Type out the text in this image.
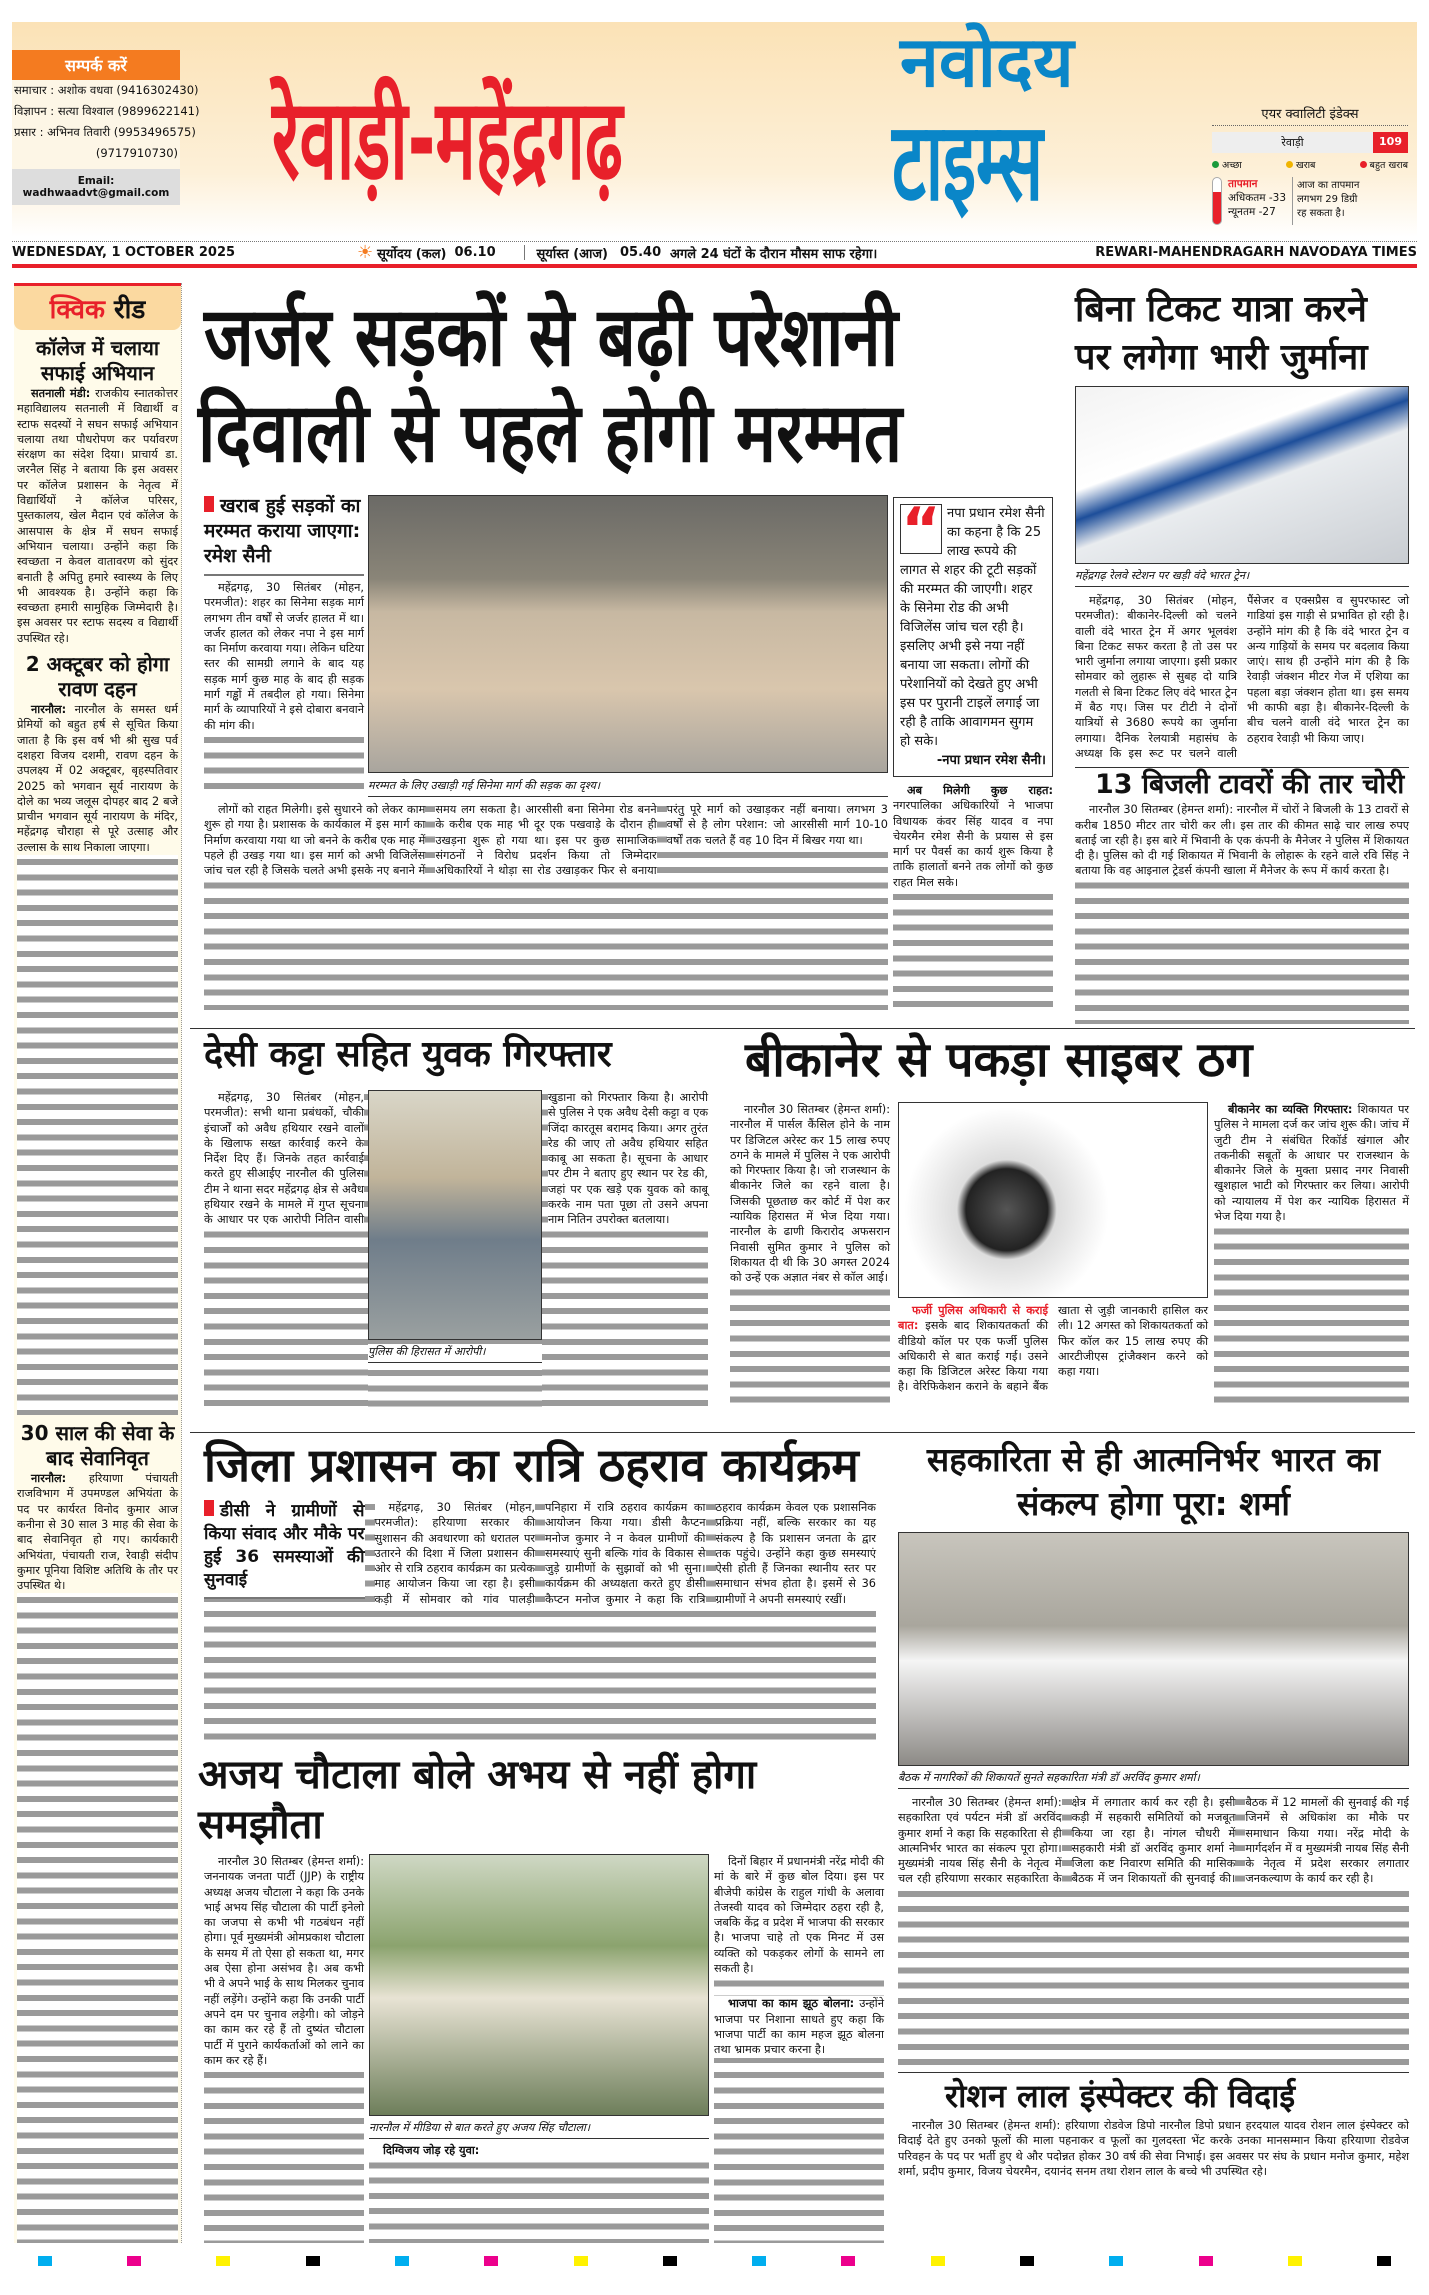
सम्पर्क करें
समाचार : अशोक वधवा (9416302430)
विज्ञापन : सत्या विश्वाल (9899622141)
प्रसार : अभिनव तिवारी (9953496575)
(9717910730)
Email: wadhwaadvt@gmail.com रेवाड़ी-महेंद्रगढ़
नवोदय
टाइम्स	एयर क्वालिटी इंडेक्स
रेवाड़ी	109
अच्छा	खराब	बहुत खराब
तापमान
अधिकतम -33
न्यूनतम -27
आज का तापमान लगभग 29 डिग्री रह सकता है।
WEDNESDAY, 1 OCTOBER 2025	☀ सूर्योदय (कल) 06.10	सूर्यास्त (आज) 05.40 अगले 24 घंटों के दौरान मौसम साफ रहेगा।	REWARI-MAHENDRAGARH NAVODAYA TIMES
क्विक रीड
कॉलेज में चलाया सफाई अभियान

सतनाली मंडी: राजकीय स्नातकोत्तर महाविद्यालय सतनाली में विद्यार्थी व स्टाफ सदस्यों ने सघन सफाई अभियान चलाया तथा पौधरोपण कर पर्यावरण संरक्षण का संदेश दिया। प्राचार्य डा. जरनैल सिंह ने बताया कि इस अवसर पर कॉलेज प्रशासन के नेतृत्व में विद्यार्थियों ने कॉलेज परिसर, पुस्तकालय, खेल मैदान एवं कॉलेज के आसपास के क्षेत्र में सघन सफाई अभियान चलाया। उन्होंने कहा कि स्वच्छता न केवल वातावरण को सुंदर बनाती है अपितु हमारे स्वास्थ्य के लिए भी आवश्यक है। उन्होंने कहा कि स्वच्छता हमारी सामुहिक जिम्मेदारी है। इस अवसर पर स्टाफ सदस्य व विद्यार्थी उपस्थित रहे।

2 अक्टूबर को होगा रावण दहन

नारनौल: नारनौल के समस्त धर्म प्रेमियों को बहुत हर्ष से सूचित किया जाता है कि इस वर्ष भी श्री सुख पर्व दशहरा विजय दशमी, रावण दहन के उपलक्ष्य में 02 अक्टूबर, बृहस्पतिवार 2025 को भगवान सूर्य नारायण के दोले का भव्य जलूस दोपहर बाद 2 बजे प्राचीन भगवान सूर्य नारायण के मंदिर, महेंद्रगढ़ चौराहा से पूरे उत्साह और उल्लास के साथ निकाला जाएगा।

30 साल की सेवा के बाद सेवानिवृत

नारनौल: हरियाणा पंचायती राजविभाग में उपमण्डल अभियंता के पद पर कार्यरत विनोद कुमार आज कनीना से 30 साल 3 माह की सेवा के बाद सेवानिवृत हो गए। कार्यकारी अभियंता, पंचायती राज, रेवाड़ी संदीप कुमार पूनिया विशिष्ट अतिथि के तौर पर उपस्थित थे।

जर्जर सड़कों से बढ़ी परेशानी
दिवाली से पहले होगी मरम्मत
खराब हुई सड़कों का मरम्मत कराया जाएगा: रमेश सैनी

महेंद्रगढ़, 30 सितंबर (मोहन, परमजीत): शहर का सिनेमा सड़क मार्ग लगभग तीन वर्षों से जर्जर हालत में था। जर्जर हालत को लेकर नपा ने इस मार्ग का निर्माण करवाया गया। लेकिन घटिया स्तर की सामग्री लगाने के बाद यह सड़क मार्ग कुछ माह के बाद ही सड़क मार्ग गड्ढों में तबदील हो गया। सिनेमा मार्ग के व्यापारियों ने इसे दोबारा बनवाने की मांग की।

मरम्मत के लिए उखाड़ी गई सिनेमा मार्ग की सड़क का दृश्य।

लोगों को राहत मिलेगी। इसे सुधारने को लेकर काम शुरू हो गया है। प्रशासक के कार्यकाल में इस मार्ग का निर्माण करवाया गया था जो बनने के करीब एक माह में पहले ही उखड़ गया था। इस मार्ग को अभी विजिलेंस जांच चल रही है जिसके चलते अभी इसके नए बनाने में समय लग सकता है। आरसीसी बना सिनेमा रोड बनने के करीब एक माह भी दूर एक पखवाड़े के दौरान ही उखड़ना शुरू हो गया था। इस पर कुछ सामाजिक संगठनों ने विरोध प्रदर्शन किया तो जिम्मेदार अधिकारियों ने थोड़ा सा रोड उखाड़कर फिर से बनाया परंतु पूरे मार्ग को उखाड़कर नहीं बनाया। लगभग 3 वर्षों से है लोग परेशान: जो आरसीसी मार्ग 10-10 वर्षों तक चलते हैं वह 10 दिन में बिखर गया था।

“ नपा प्रधान रमेश सैनी का कहना है कि 25 लाख रूपये की लागत से शहर की टूटी सड़कों की मरम्मत की जाएगी। शहर के सिनेमा रोड की अभी विजिलेंस जांच चल रही है। इसलिए अभी इसे नया नहीं बनाया जा सकता। लोगों की परेशानियों को देखते हुए अभी इस पर पुरानी टाइलें लगाई जा रही है ताकि आवागमन सुगम हो सके।
-नपा प्रधान रमेश सैनी।

अब मिलेगी कुछ राहत: नगरपालिका अधिकारियों ने भाजपा विधायक कंवर सिंह यादव व नपा चेयरमैन रमेश सैनी के प्रयास से इस मार्ग पर पैवर्स का कार्य शुरू किया है ताकि हालातों बनने तक लोगों को कुछ राहत मिल सके।

बिना टिकट यात्रा करने पर लगेगा भारी जुर्माना
महेंद्रगढ़ रेलवे स्टेशन पर खड़ी वंदे भारत ट्रेन।

महेंद्रगढ़, 30 सितंबर (मोहन, परमजीत): बीकानेर-दिल्ली को चलने वाली वंदे भारत ट्रेन में अगर भूलवंश बिना टिकट सफर करता है तो उस पर भारी जुर्माना लगाया जाएगा। इसी प्रकार सोमवार को लुहारू से सुबह दो यात्रि गलती से बिना टिकट लिए वंदे भारत ट्रेन में बैठ गए। जिस पर टीटी ने दोनों यात्रियों से 3680 रूपये का जुर्माना लगाया। दैनिक रेलयात्री महासंघ के अध्यक्ष कि इस रूट पर चलने वाली पैंसेजर व एक्सप्रैस व सुपरफास्ट जो गाडियां इस गाड़ी से प्रभावित हो रही है। उन्होंने मांग की है कि वंदे भारत ट्रेन व अन्य गाड़ियों के समय पर बदलाव किया जाएं। साथ ही उन्होंने मांग की है कि रेवाड़ी जंक्शन मीटर गेज में एशिया का पहला बड़ा जंक्शन होता था। इस समय भी काफी बड़ा है। बीकानेर-दिल्ली के बीच चलने वाली वंदे भारत ट्रेन का ठहराव रेवाड़ी भी किया जाए।

13 बिजली टावरों की तार चोरी

नारनौल 30 सितम्बर (हेमन्त शर्मा): नारनौल में चोरों ने बिजली के 13 टावरों से करीब 1850 मीटर तार चोरी कर ली। इस तार की कीमत साढ़े चार लाख रुपए बताई जा रही है। इस बारे में भिवानी के एक कंपनी के मैनेजर ने पुलिस में शिकायत दी है। पुलिस को दी गई शिकायत में भिवानी के लोहारू के रहने वाले रवि सिंह ने बताया कि वह आइनाल ट्रेडर्स कंपनी खाला में मैनेजर के रूप में कार्य करता है।

देसी कट्टा सहित युवक गिरफ्तार

महेंद्रगढ़, 30 सितंबर (मोहन, परमजीत): सभी थाना प्रबंधकों, चौकी इंचार्जों को अवैध हथियार रखने वालों के खिलाफ सख्त कार्रवाई करने के निर्देश दिए हैं। जिनके तहत कार्रवाई करते हुए सीआईए नारनौल की पुलिस टीम ने थाना सदर महेंद्रगढ़ क्षेत्र से अवैध हथियार रखने के मामले में गुप्त सूचना के आधार पर एक आरोपी नितिन वासी खुडाना को गिरफ्तार किया है। आरोपी से पुलिस ने एक अवैध देसी कट्टा व एक जिंदा कारतूस बरामद किया। अगर तुरंत रेड की जाए तो अवैध हथियार सहित काबू आ सकता है। सूचना के आधार पर टीम ने बताए हुए स्थान पर रेड की, जहां पर एक खड़े एक युवक को काबू करके नाम पता पूछा तो उसने अपना नाम नितिन उपरोक्त बतलाया।

पुलिस की हिरासत में आरोपी।
बीकानेर से पकड़ा साइबर ठग

नारनौल 30 सितम्बर (हेमन्त शर्मा): नारनौल में पार्सल कैंसिल होने के नाम पर डिजिटल अरेस्ट कर 15 लाख रुपए ठगने के मामले में पुलिस ने एक आरोपी को गिरफ्तार किया है। जो राजस्थान के बीकानेर जिले का रहने वाला है। जिसकी पूछताछ कर कोर्ट में पेश कर न्यायिक हिरासत में भेज दिया गया। नारनौल के ढाणी किरारोद अफसरान निवासी सुमित कुमार ने पुलिस को शिकायत दी थी कि 30 अगस्त 2024 को उन्हें एक अज्ञात नंबर से कॉल आई।

फर्जी पुलिस अधिकारी से कराई बात: इसके बाद शिकायतकर्ता की वीडियो कॉल पर एक फर्जी पुलिस अधिकारी से बात कराई गई। उसने कहा कि डिजिटल अरेस्ट किया गया है। वेरिफिकेशन कराने के बहाने बैंक खाता से जुड़ी जानकारी हासिल कर ली। 12 अगस्त को शिकायतकर्ता को फिर कॉल कर 15 लाख रुपए की आरटीजीएस ट्रांजैक्शन करने को कहा गया।

बीकानेर का व्यक्ति गिरफ्तार: शिकायत पर पुलिस ने मामला दर्ज कर जांच शुरू की। जांच में जुटी टीम ने संबंधित रिकॉर्ड खंगाल और तकनीकी सबूतों के आधार पर राजस्थान के बीकानेर जिले के मुक्ता प्रसाद नगर निवासी खुशहाल भाटी को गिरफ्तार कर लिया। आरोपी को न्यायालय में पेश कर न्यायिक हिरासत में भेज दिया गया है।

जिला प्रशासन का रात्रि ठहराव कार्यक्रम
डीसी ने ग्रामीणों से किया संवाद और मौके पर हुई 36 समस्याओं की सुनवाई

महेंद्रगढ़, 30 सितंबर (मोहन, परमजीत): हरियाणा सरकार की सुशासन की अवधारणा को धरातल पर उतारने की दिशा में जिला प्रशासन की ओर से रात्रि ठहराव कार्यक्रम का प्रत्येक माह आयोजन किया जा रहा है। इसी कड़ी में सोमवार को गांव पालड़ी पनिहारा में रात्रि ठहराव कार्यक्रम का आयोजन किया गया। डीसी कैप्टन मनोज कुमार ने न केवल ग्रामीणों की समस्याएं सुनी बल्कि गांव के विकास से जुड़े ग्रामीणों के सुझावों को भी सुना। कार्यक्रम की अध्यक्षता करते हुए डीसी कैप्टन मनोज कुमार ने कहा कि रात्रि ठहराव कार्यक्रम केवल एक प्रशासनिक प्रक्रिया नहीं, बल्कि सरकार का यह संकल्प है कि प्रशासन जनता के द्वार तक पहुंचे। उन्होंने कहा कुछ समस्याएं ऐसी होती हैं जिनका स्थानीय स्तर पर समाधान संभव होता है। इसमें से 36 ग्रामीणों ने अपनी समस्याएं रखीं।

सहकारिता से ही आत्मनिर्भर भारत का संकल्प होगा पूरा: शर्मा
बैठक में नागरिकों की शिकायतें सुनते सहकारिता मंत्री डॉ अरविंद कुमार शर्मा।

नारनौल 30 सितम्बर (हेमन्त शर्मा): सहकारिता एवं पर्यटन मंत्री डॉ अरविंद कुमार शर्मा ने कहा कि सहकारिता से ही आत्मनिर्भर भारत का संकल्प पूरा होगा। मुख्यमंत्री नायब सिंह सैनी के नेतृत्व में चल रही हरियाणा सरकार सहकारिता के क्षेत्र में लगातार कार्य कर रही है। इसी कड़ी में सहकारी समितियों को मजबूत किया जा रहा है। नांगल चौधरी में सहकारी मंत्री डॉ अरविंद कुमार शर्मा ने जिला कष्ट निवारण समिति की मासिक बैठक में जन शिकायतों की सुनवाई की। बैठक में 12 मामलों की सुनवाई की गई जिनमें से अधिकांश का मौके पर समाधान किया गया। नरेंद्र मोदी के मार्गदर्शन में व मुख्यमंत्री नायब सिंह सैनी के नेतृत्व में प्रदेश सरकार लगातार जनकल्याण के कार्य कर रही है।

अजय चौटाला बोले अभय से नहीं होगा समझौता

नारनौल 30 सितम्बर (हेमन्त शर्मा): जननायक जनता पार्टी (JJP) के राष्ट्रीय अध्यक्ष अजय चौटाला ने कहा कि उनके भाई अभय सिंह चौटाला की पार्टी इनेलो का जजपा से कभी भी गठबंधन नहीं होगा। पूर्व मुख्यमंत्री ओमप्रकाश चौटाला के समय में तो ऐसा हो सकता था, मगर अब ऐसा होना असंभव है। अब कभी भी वे अपने भाई के साथ मिलकर चुनाव नहीं लड़ेंगे। उन्होंने कहा कि उनकी पार्टी अपने दम पर चुनाव लड़ेगी। को जोड़ने का काम कर रहे हैं तो दुष्यंत चौटाला पार्टी में पुराने कार्यकर्ताओं को लाने का काम कर रहे हैं।

नारनौल में मीडिया से बात करते हुए अजय सिंह चौटाला।

दिग्विजय जोड़ रहे युवा:

दिनों बिहार में प्रधानमंत्री नरेंद्र मोदी की मां के बारे में कुछ बोल दिया। इस पर बीजेपी कांग्रेस के राहुल गांधी के अलावा तेजस्वी यादव को जिम्मेदार ठहरा रही है, जबकि केंद्र व प्रदेश में भाजपा की सरकार है। भाजपा चाहे तो एक मिनट में उस व्यक्ति को पकड़कर लोगों के सामने ला सकती है।

भाजपा का काम झूठ बोलना: उन्होंने भाजपा पर निशाना साधते हुए कहा कि भाजपा पार्टी का काम महज झूठ बोलना तथा भ्रामक प्रचार करना है।

रोशन लाल इंस्पेक्टर की विदाई

नारनौल 30 सितम्बर (हेमन्त शर्मा): हरियाणा रोडवेज डिपो नारनौल डिपो प्रधान हरदयाल यादव रोशन लाल इंस्पेक्टर को विदाई देते हुए उनको फूलों की माला पहनाकर व फूलों का गुलदस्ता भेंट करके उनका मानसम्मान किया हरियाणा रोडवेज परिवहन के पद पर भर्ती हुए थे और पदोन्नत होकर 30 वर्ष की सेवा निभाई। इस अवसर पर संघ के प्रधान मनोज कुमार, महेश शर्मा, प्रदीप कुमार, विजय चेयरमैन, दयानंद सनम तथा रोशन लाल के बच्चे भी उपस्थित रहे।
